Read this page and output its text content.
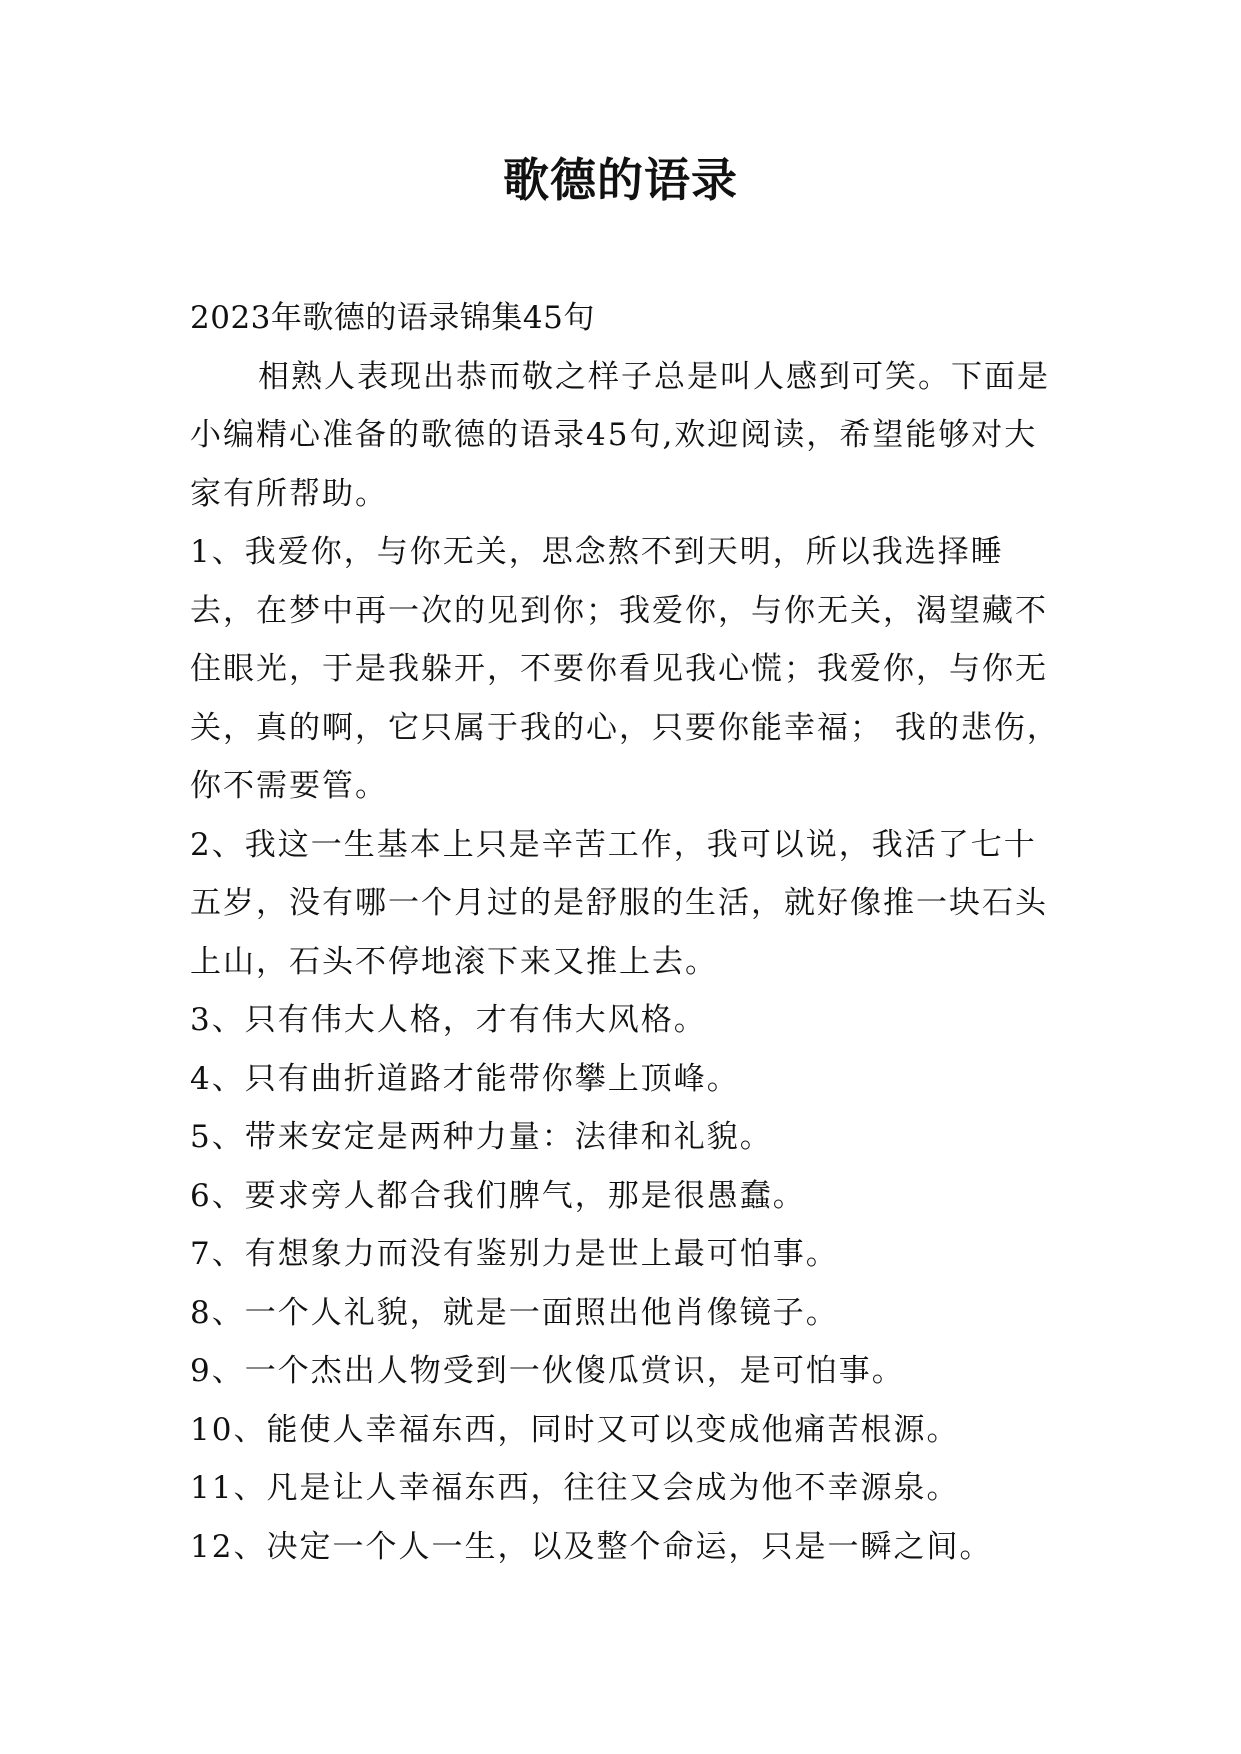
歌德的语录

2023年歌德的语录锦集45句

相熟人表现出恭而敬之样子总是叫人感到可笑。下面是小编精心准备的歌德的语录45句,欢迎阅读，希望能够对大家有所帮助。

1、我爱你，与你无关，思念熬不到天明，所以我选择睡去，在梦中再一次的见到你；我爱你，与你无关，渴望藏不住眼光，于是我躲开，不要你看见我心慌；我爱你，与你无关，真的啊，它只属于我的心，只要你能幸福； 我的悲伤，你不需要管。

2、我这一生基本上只是辛苦工作，我可以说，我活了七十五岁，没有哪一个月过的是舒服的生活，就好像推一块石头上山，石头不停地滚下来又推上去。

3、只有伟大人格，才有伟大风格。

4、只有曲折道路才能带你攀上顶峰。

5、带来安定是两种力量：法律和礼貌。

6、要求旁人都合我们脾气，那是很愚蠢。

7、有想象力而没有鉴别力是世上最可怕事。

8、一个人礼貌，就是一面照出他肖像镜子。

9、一个杰出人物受到一伙傻瓜赏识，是可怕事。

10、能使人幸福东西，同时又可以变成他痛苦根源。

11、凡是让人幸福东西，往往又会成为他不幸源泉。

12、决定一个人一生，以及整个命运，只是一瞬之间。
